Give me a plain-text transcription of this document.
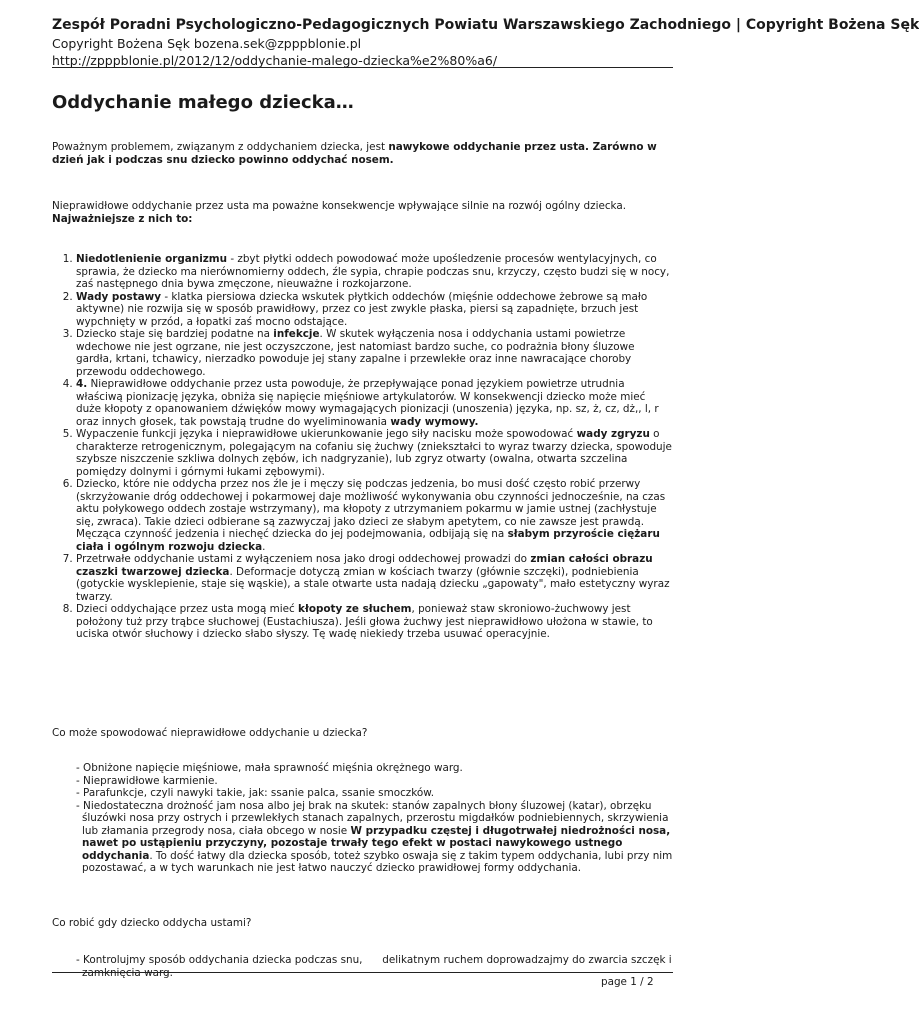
Zespół Poradni Psychologiczno-Pedagogicznych Powiatu Warszawskiego Zachodniego | Copyright Bożena Sęk
Copyright Bożena Sęk bozena.sek@zpppblonie.pl
http://zpppblonie.pl/2012/12/oddychanie-malego-dziecka%e2%80%a6/
Oddychanie małego dziecka…

Poważnym problemem, związanym z oddychaniem dziecka, jest nawykowe oddychanie przez usta. Zarówno w dzień jak i podczas snu dziecko powinno oddychać nosem.

Nieprawidłowe oddychanie przez usta ma poważne konsekwencje wpływające silnie na rozwój ogólny dziecka. Najważniejsze z nich to:

1. Niedotlenienie organizmu - zbyt płytki oddech powodować może upośledzenie procesów wentylacyjnych, co sprawia, że dziecko ma nierównomierny oddech, źle sypia, chrapie podczas snu, krzyczy, często budzi się w nocy, zaś następnego dnia bywa zmęczone, nieuważne i rozkojarzone.
2. Wady postawy - klatka piersiowa dziecka wskutek płytkich oddechów (mięśnie oddechowe żebrowe są mało aktywne) nie rozwija się w sposób prawidłowy, przez co jest zwykle płaska, piersi są zapadnięte, brzuch jest wypchnięty w przód, a łopatki zaś mocno odstające.
3. Dziecko staje się bardziej podatne na infekcje. W skutek wyłączenia nosa i oddychania ustami powietrze wdechowe nie jest ogrzane, nie jest oczyszczone, jest natomiast bardzo suche, co podrażnia błony śluzowe gardła, krtani, tchawicy, nierzadko powoduje jej stany zapalne i przewlekłe oraz inne nawracające choroby przewodu oddechowego.
4. 4. Nieprawidłowe oddychanie przez usta powoduje, że przepływające ponad językiem powietrze utrudnia właściwą pionizację języka, obniża się napięcie mięśniowe artykulatorów. W konsekwencji dziecko może mieć duże kłopoty z opanowaniem dźwięków mowy wymagających pionizacji (unoszenia) języka, np. sz, ż, cz, dż,, l, r oraz innych głosek, tak powstają trudne do wyeliminowania wady wymowy.
5. Wypaczenie funkcji języka i nieprawidłowe ukierunkowanie jego siły nacisku może spowodować wady zgryzu o charakterze retrogenicznym, polegającym na cofaniu się żuchwy (zniekształci to wyraz twarzy dziecka, spowoduje szybsze niszczenie szkliwa dolnych zębów, ich nadgryzanie), lub zgryz otwarty (owalna, otwarta szczelina pomiędzy dolnymi i górnymi łukami zębowymi).
6. Dziecko, które nie oddycha przez nos źle je i męczy się podczas jedzenia, bo musi dość często robić przerwy (skrzyżowanie dróg oddechowej i pokarmowej daje możliwość wykonywania obu czynności jednocześnie, na czas aktu połykowego oddech zostaje wstrzymany), ma kłopoty z utrzymaniem pokarmu w jamie ustnej (zachłystuje się, zwraca). Takie dzieci odbierane są zazwyczaj jako dzieci ze słabym apetytem, co nie zawsze jest prawdą. Męcząca czynność jedzenia i niechęć dziecka do jej podejmowania, odbijają się na słabym przyroście ciężaru ciała i ogólnym rozwoju dziecka.
7. Przetrwałe oddychanie ustami z wyłączeniem nosa jako drogi oddechowej prowadzi do zmian całości obrazu czaszki twarzowej dziecka. Deformacje dotyczą zmian w kościach twarzy (głównie szczęki), podniebienia (gotyckie wysklepienie, staje się wąskie), a stale otwarte usta nadają dziecku „gapowaty", mało estetyczny wyraz twarzy.
8. Dzieci oddychające przez usta mogą mieć kłopoty ze słuchem, ponieważ staw skroniowo-żuchwowy jest położony tuż przy trąbce słuchowej (Eustachiusza). Jeśli głowa żuchwy jest nieprawidłowo ułożona w stawie, to uciska otwór słuchowy i dziecko słabo słyszy. Tę wadę niekiedy trzeba usuwać operacyjnie.

Co może spowodować nieprawidłowe oddychanie u dziecka?

- Obniżone napięcie mięśniowe, mała sprawność mięśnia okrężnego warg.
- Nieprawidłowe karmienie.
- Parafunkcje, czyli nawyki takie, jak: ssanie palca, ssanie smoczków.
- Niedostateczna drożność jam nosa albo jej brak na skutek: stanów zapalnych błony śluzowej (katar), obrzęku śluzówki nosa przy ostrych i przewlekłych stanach zapalnych, przerostu migdałków podniebiennych, skrzywienia lub złamania przegrody nosa, ciała obcego w nosie W przypadku częstej i długotrwałej niedrożności nosa, nawet po ustąpieniu przyczyny, pozostaje trwały tego efekt w postaci nawykowego ustnego oddychania. To dość łatwy dla dziecka sposób, toteż szybko oswaja się z takim typem oddychania, lubi przy nim pozostawać, a w tych warunkach nie jest łatwo nauczyć dziecko prawidłowej formy oddychania.

Co robić gdy dziecko oddycha ustami?

- Kontrolujmy sposób oddychania dziecka podczas snu,      delikatnym ruchem doprowadzajmy do zwarcia szczęk i zamknięcia warg.
page 1 / 2
